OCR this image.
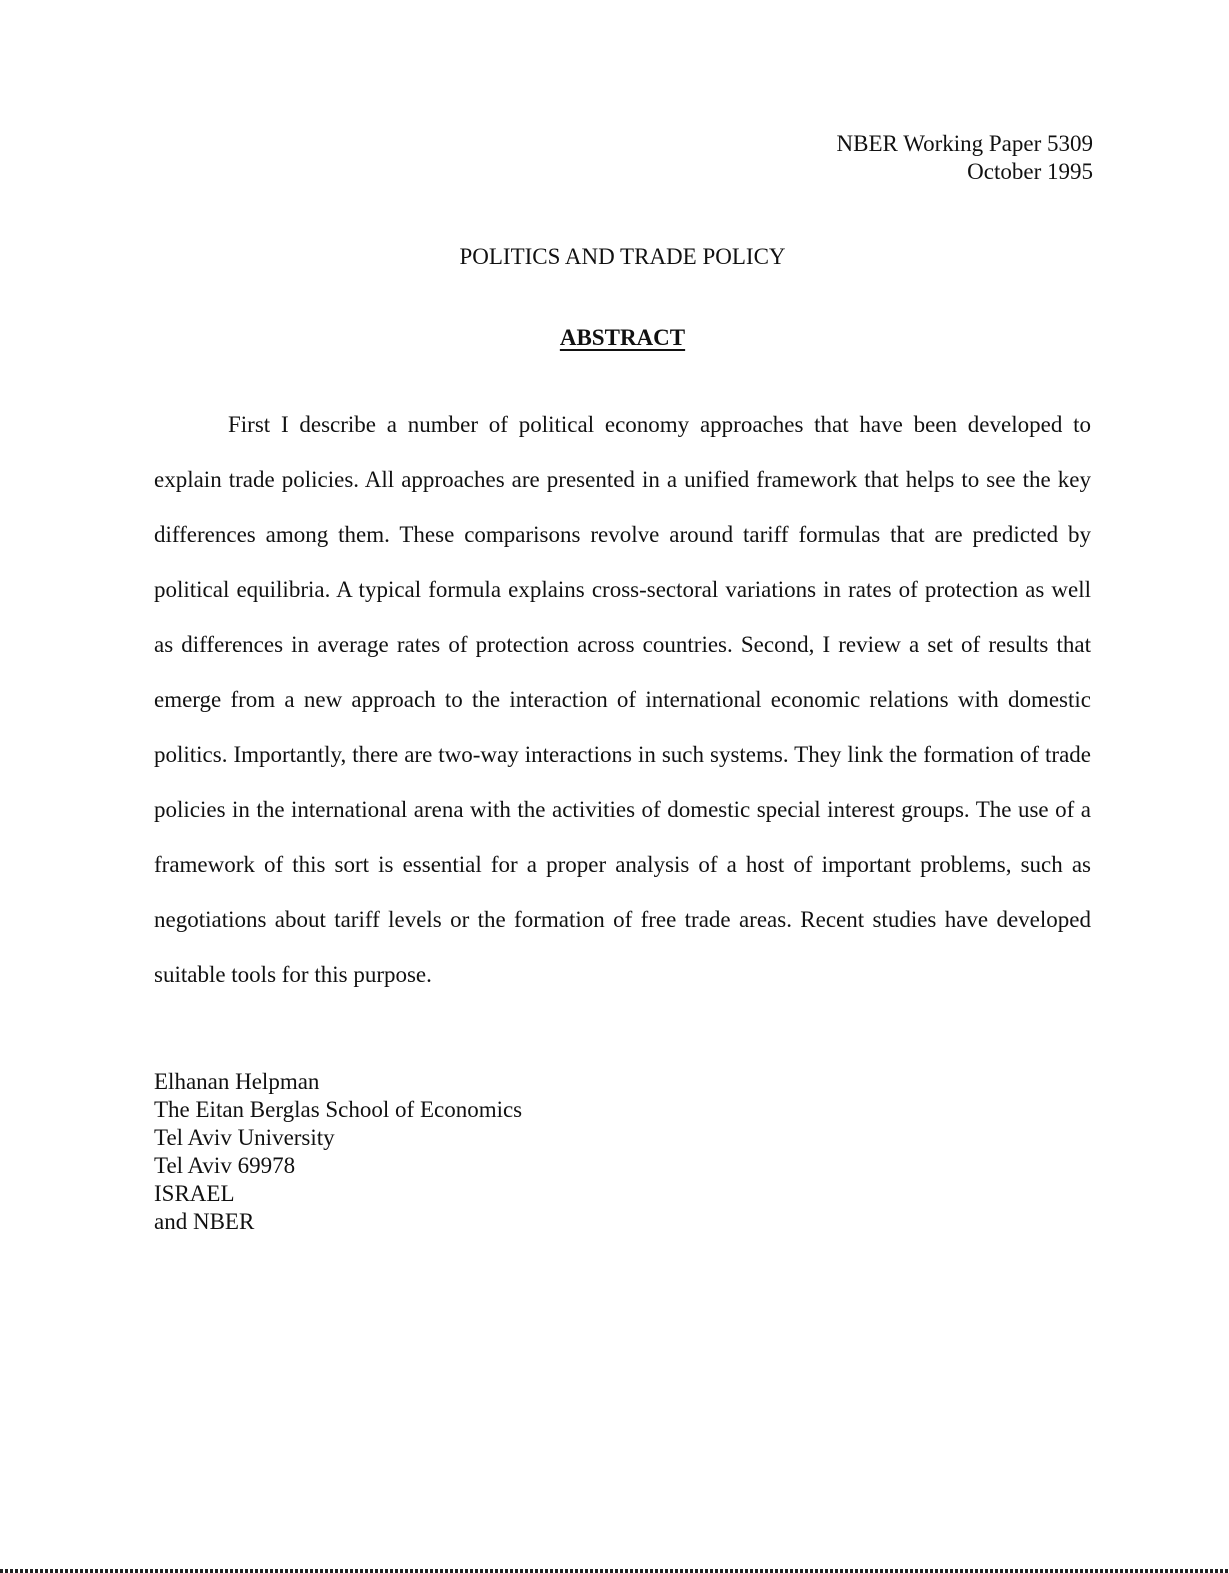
NBER Working Paper 5309
October 1995
POLITICS AND TRADE POLICY
ABSTRACT

First I describe a number of political economy approaches that have been developed to explain trade policies. All approaches are presented in a unified framework that helps to see the key differences among them. These comparisons revolve around tariff formulas that are predicted by political equilibria. A typical formula explains cross-sectoral variations in rates of protection as well as differences in average rates of protection across countries. Second, I review a set of results that emerge from a new approach to the interaction of international economic relations with domestic politics. Importantly, there are two-way interactions in such systems. They link the formation of trade policies in the international arena with the activities of domestic special interest groups. The use of a framework of this sort is essential for a proper analysis of a host of important problems, such as negotiations about tariff levels or the formation of free trade areas. Recent studies have developed suitable tools for this purpose.

Elhanan Helpman
The Eitan Berglas School of Economics
Tel Aviv University
Tel Aviv 69978
ISRAEL
and NBER
